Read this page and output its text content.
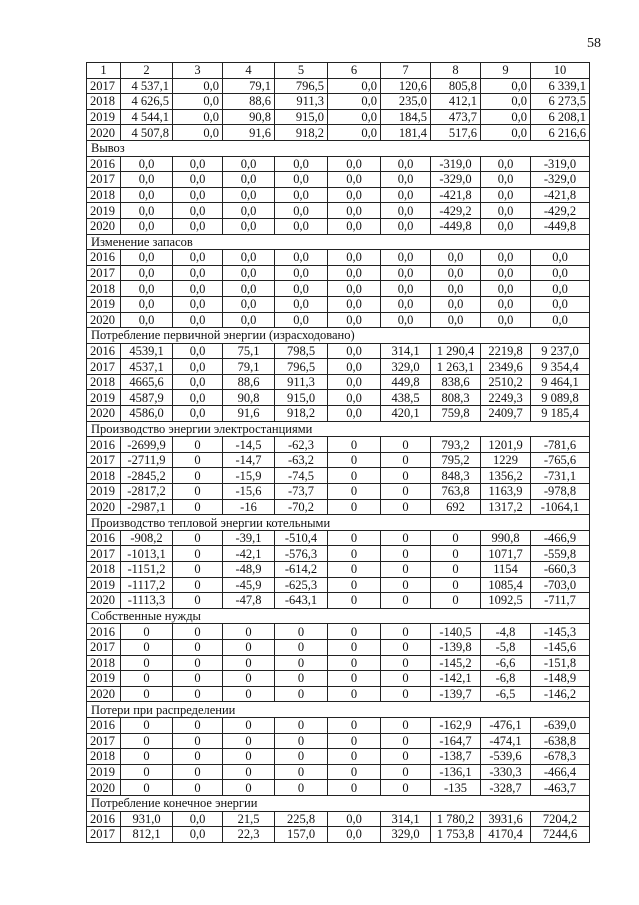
58
1	2	3	4	5	6	7	8	9	10
2017	4 537,1	0,0	79,1	796,5	0,0	120,6	805,8	0,0	6 339,1
2018	4 626,5	0,0	88,6	911,3	0,0	235,0	412,1	0,0	6 273,5
2019	4 544,1	0,0	90,8	915,0	0,0	184,5	473,7	0,0	6 208,1
2020	4 507,8	0,0	91,6	918,2	0,0	181,4	517,6	0,0	6 216,6
Вывоз									
2016	0,0	0,0	0,0	0,0	0,0	0,0	-319,0	0,0	-319,0
2017	0,0	0,0	0,0	0,0	0,0	0,0	-329,0	0,0	-329,0
2018	0,0	0,0	0,0	0,0	0,0	0,0	-421,8	0,0	-421,8
2019	0,0	0,0	0,0	0,0	0,0	0,0	-429,2	0,0	-429,2
2020	0,0	0,0	0,0	0,0	0,0	0,0	-449,8	0,0	-449,8
Изменение запасов									
2016	0,0	0,0	0,0	0,0	0,0	0,0	0,0	0,0	0,0
2017	0,0	0,0	0,0	0,0	0,0	0,0	0,0	0,0	0,0
2018	0,0	0,0	0,0	0,0	0,0	0,0	0,0	0,0	0,0
2019	0,0	0,0	0,0	0,0	0,0	0,0	0,0	0,0	0,0
2020	0,0	0,0	0,0	0,0	0,0	0,0	0,0	0,0	0,0
Потребление первичной энергии (израсходовано)									
2016	4539,1	0,0	75,1	798,5	0,0	314,1	1 290,4	2219,8	9 237,0
2017	4537,1	0,0	79,1	796,5	0,0	329,0	1 263,1	2349,6	9 354,4
2018	4665,6	0,0	88,6	911,3	0,0	449,8	838,6	2510,2	9 464,1
2019	4587,9	0,0	90,8	915,0	0,0	438,5	808,3	2249,3	9 089,8
2020	4586,0	0,0	91,6	918,2	0,0	420,1	759,8	2409,7	9 185,4
Производство энергии электростанциями									
2016	-2699,9	0	-14,5	-62,3	0	0	793,2	1201,9	-781,6
2017	-2711,9	0	-14,7	-63,2	0	0	795,2	1229	-765,6
2018	-2845,2	0	-15,9	-74,5	0	0	848,3	1356,2	-731,1
2019	-2817,2	0	-15,6	-73,7	0	0	763,8	1163,9	-978,8
2020	-2987,1	0	-16	-70,2	0	0	692	1317,2	-1064,1
Производство тепловой энергии котельными									
2016	-908,2	0	-39,1	-510,4	0	0	0	990,8	-466,9
2017	-1013,1	0	-42,1	-576,3	0	0	0	1071,7	-559,8
2018	-1151,2	0	-48,9	-614,2	0	0	0	1154	-660,3
2019	-1117,2	0	-45,9	-625,3	0	0	0	1085,4	-703,0
2020	-1113,3	0	-47,8	-643,1	0	0	0	1092,5	-711,7
Собственные нужды									
2016	0	0	0	0	0	0	-140,5	-4,8	-145,3
2017	0	0	0	0	0	0	-139,8	-5,8	-145,6
2018	0	0	0	0	0	0	-145,2	-6,6	-151,8
2019	0	0	0	0	0	0	-142,1	-6,8	-148,9
2020	0	0	0	0	0	0	-139,7	-6,5	-146,2
Потери при распределении									
2016	0	0	0	0	0	0	-162,9	-476,1	-639,0
2017	0	0	0	0	0	0	-164,7	-474,1	-638,8
2018	0	0	0	0	0	0	-138,7	-539,6	-678,3
2019	0	0	0	0	0	0	-136,1	-330,3	-466,4
2020	0	0	0	0	0	0	-135	-328,7	-463,7
Потребление конечное энергии									
2016	931,0	0,0	21,5	225,8	0,0	314,1	1 780,2	3931,6	7204,2
2017	812,1	0,0	22,3	157,0	0,0	329,0	1 753,8	4170,4	7244,6
